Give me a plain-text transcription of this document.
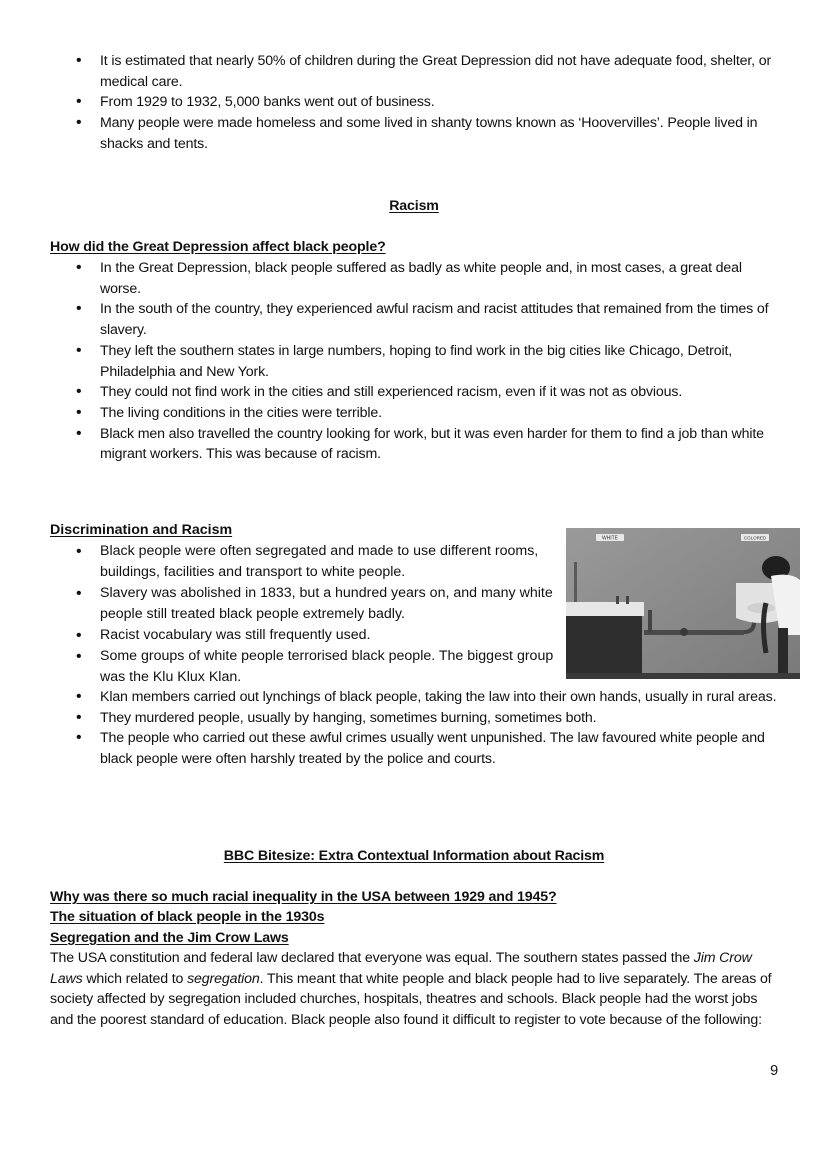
• It is estimated that nearly 50% of children during the Great Depression did not have adequate food, shelter, or medical care.
• From 1929 to 1932, 5,000 banks went out of business.
• Many people were made homeless and some lived in shanty towns known as ‘Hoovervilles’. People lived in shacks and tents.
Racism
How did the Great Depression affect black people?
• In the Great Depression, black people suffered as badly as white people and, in most cases, a great deal worse.
• In the south of the country, they experienced awful racism and racist attitudes that remained from the times of slavery.
• They left the southern states in large numbers, hoping to find work in the big cities like Chicago, Detroit, Philadelphia and New York.
• They could not find work in the cities and still experienced racism, even if it was not as obvious.
• The living conditions in the cities were terrible.
• Black men also travelled the country looking for work, but it was even harder for them to find a job than white migrant workers. This was because of racism.
Discrimination and Racism
• Black people were often segregated and made to use different rooms, buildings, facilities and transport to white people.
• Slavery was abolished in 1833, but a hundred years on, and many white people still treated black people extremely badly.
• Racist vocabulary was still frequently used.
• Some groups of white people terrorised black people. The biggest group was the Klu Klux Klan.
WHITE	COLORED
• Klan members carried out lynchings of black people, taking the law into their own hands, usually in rural areas.
• They murdered people, usually by hanging, sometimes burning, sometimes both.
• The people who carried out these awful crimes usually went unpunished. The law favoured white people and black people were often harshly treated by the police and courts.
BBC Bitesize: Extra Contextual Information about Racism
Why was there so much racial inequality in the USA between 1929 and 1945?
The situation of black people in the 1930s
Segregation and the Jim Crow Laws

The USA constitution and federal law declared that everyone was equal. The southern states passed the Jim Crow Laws which related to segregation. This meant that white people and black people had to live separately. The areas of society affected by segregation included churches, hospitals, theatres and schools. Black people had the worst jobs and the poorest standard of education. Black people also found it difficult to register to vote because of the following:

9
